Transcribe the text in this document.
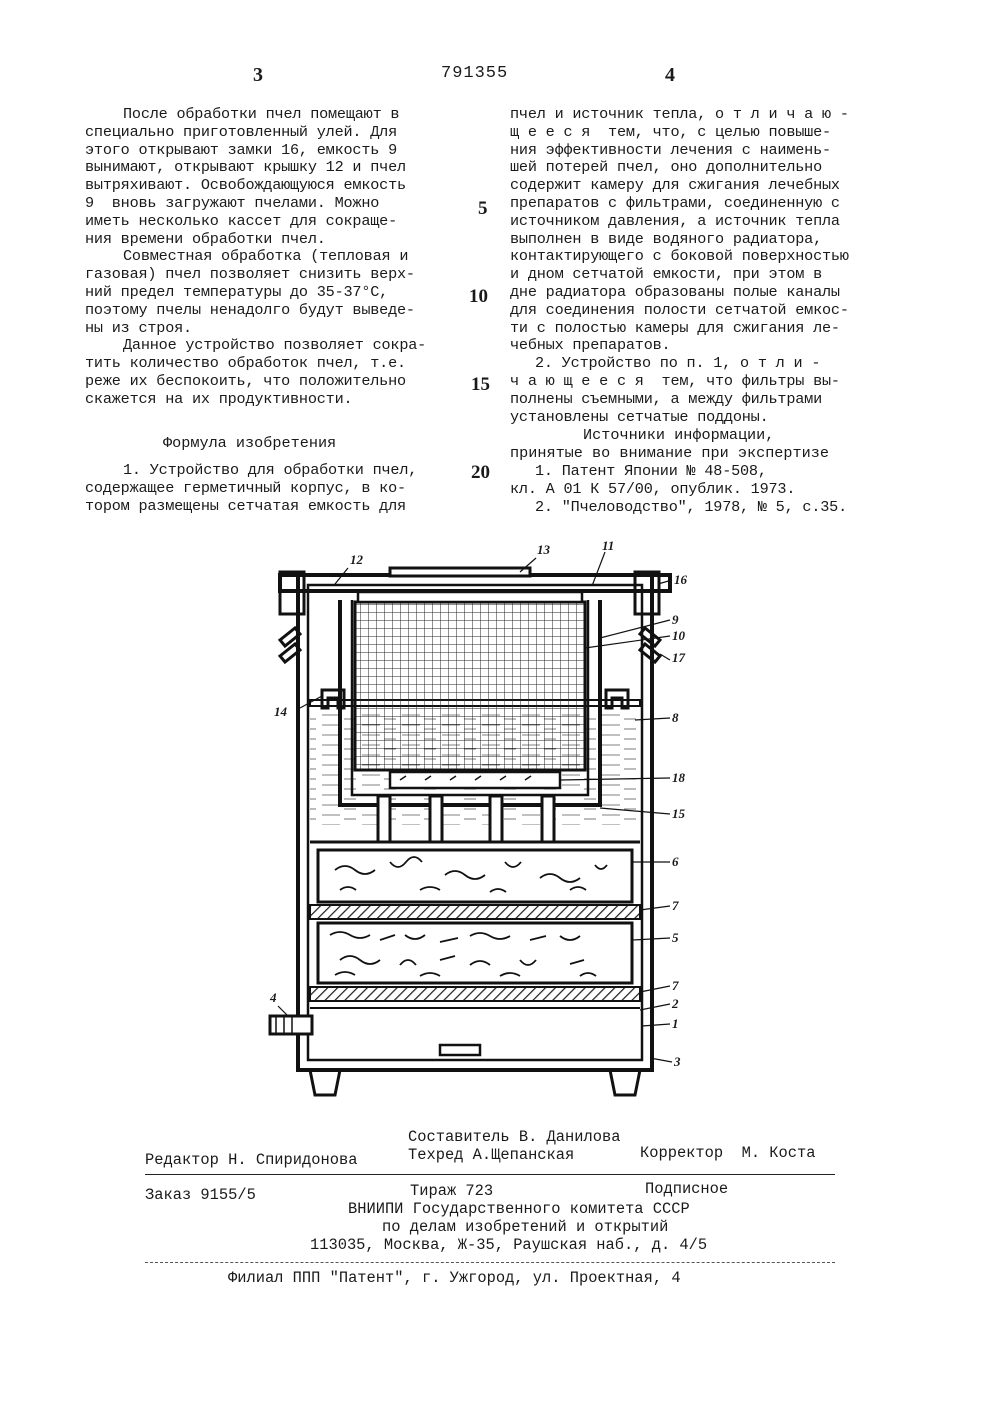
3	791355	4

После обработки пчел помещают в

специально приготовленный улей. Для

этого открывают замки 16, емкость 9

вынимают, открывают крышку 12 и пчел

вытряхивают. Освобождающуюся емкость

9  вновь загружают пчелами. Можно

иметь несколько кассет для сокраще-

ния времени обработки пчел.

Совместная обработка (тепловая и

газовая) пчел позволяет снизить верх-

ний предел температуры до 35-37°С,

поэтому пчелы ненадолго будут выведе-

ны из строя.

Данное устройство позволяет сокра-

тить количество обработок пчел, т.е.

реже их беспокоить, что положительно

скажется на их продуктивности.

Формула изобретения

1. Устройство для обработки пчел,

содержащее герметичный корпус, в ко-

тором размещены сетчатая емкость для

5
10
15
20

пчел и источник тепла, о т л и ч а ю -

щ е е с я  тем, что, с целью повыше-

ния эффективности лечения с наимень-

шей потерей пчел, оно дополнительно

содержит камеру для сжигания лечебных

препаратов с фильтрами, соединенную с

источником давления, а источник тепла

выполнен в виде водяного радиатора,

контактирующего с боковой поверхностью

и дном сетчатой емкости, при этом в

дне радиатора образованы полые каналы

для соединения полости сетчатой емкос-

ти с полостью камеры для сжигания ле-

чебных препаратов.

2. Устройство по п. 1, о т л и -

ч а ю щ е е с я  тем, что фильтры вы-

полнены съемными, а между фильтрами

установлены сетчатые поддоны.

Источники информации,
принятые во внимание при экспертизе

1. Патент Японии № 48-508,

кл. А 01 К 57/00, опублик. 1973.

2. "Пчеловодство", 1978, № 5, с.35.

12
13	11
16
9
10
17
14	8
18
15
6
7
5
7
2
1
4
3

Составитель В. Данилова

Редактор Н. Спиридонова	Техред А.Щепанская	Корректор  М. Коста

Заказ 9155/5	Тираж 723	Подписное

ВНИИПИ Государственного комитета СССР

по делам изобретений и открытий

113035, Москва, Ж-35, Раушская наб., д. 4/5

Филиал ППП "Патент", г. Ужгород, ул. Проектная, 4
